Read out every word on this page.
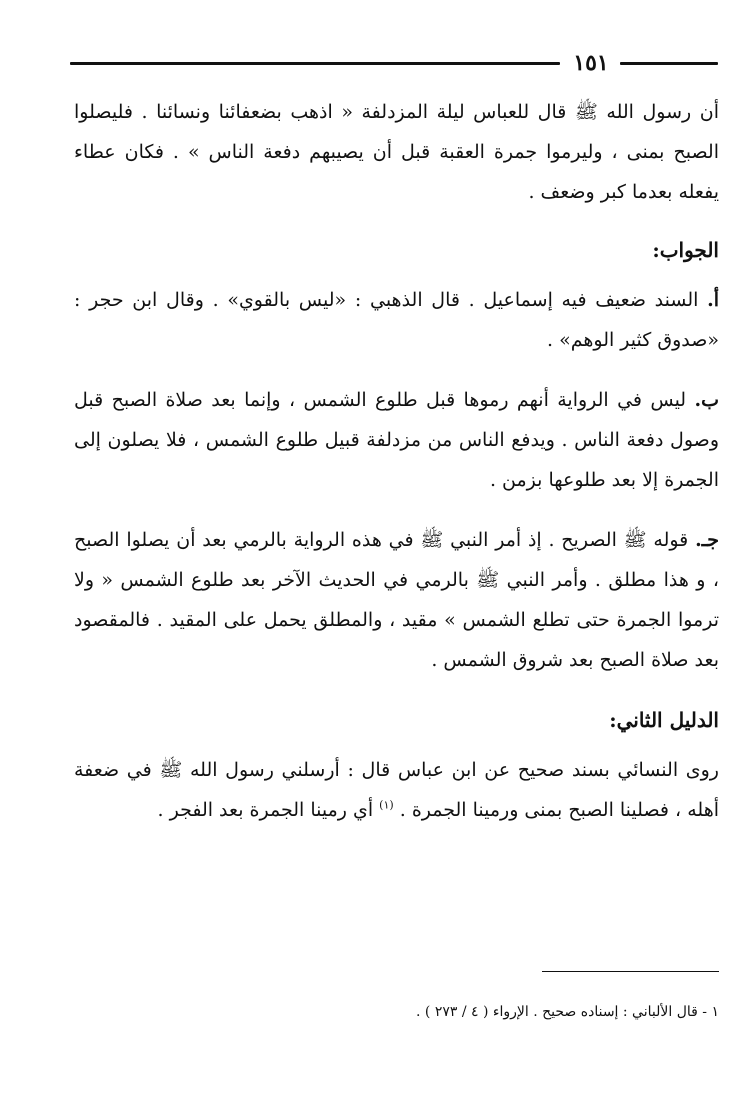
١٥١

أن رسول الله ﷺ قال للعباس ليلة المزدلفة « اذهب بضعفائنا ونسائنا . فليصلوا الصبح بمنى ، وليرموا جمرة العقبة قبل أن يصيبهم دفعة الناس » . فكان عطاء يفعله بعدما كبر وضعف .

الجواب:

أ. السند ضعيف فيه إسماعيل . قال الذهبي : «ليس بالقوي» . وقال ابن حجر : «صدوق كثير الوهم» .

ب. ليس في الرواية أنهم رموها قبل طلوع الشمس ، وإنما بعد صلاة الصبح قبل وصول دفعة الناس . ويدفع الناس من مزدلفة قبيل طلوع الشمس ، فلا يصلون إلى الجمرة إلا بعد طلوعها بزمن .

جـ. قوله ﷺ الصريح . إذ أمر النبي ﷺ في هذه الرواية بالرمي بعد أن يصلوا الصبح ، و هذا مطلق . وأمر النبي ﷺ بالرمي في الحديث الآخر بعد طلوع الشمس « ولا ترموا الجمرة حتى تطلع الشمس » مقيد ، والمطلق يحمل على المقيد . فالمقصود بعد صلاة الصبح بعد شروق الشمس .

الدليل الثاني:

روى النسائي بسند صحيح عن ابن عباس قال : أرسلني رسول الله ﷺ في ضعفة أهله ، فصلينا الصبح بمنى ورمينا الجمرة . $^{(١)}$ أي رمينا الجمرة بعد الفجر .

١ - قال الألباني : إسناده صحيح . الإرواء ( ٤ / ٢٧٣ ) .
